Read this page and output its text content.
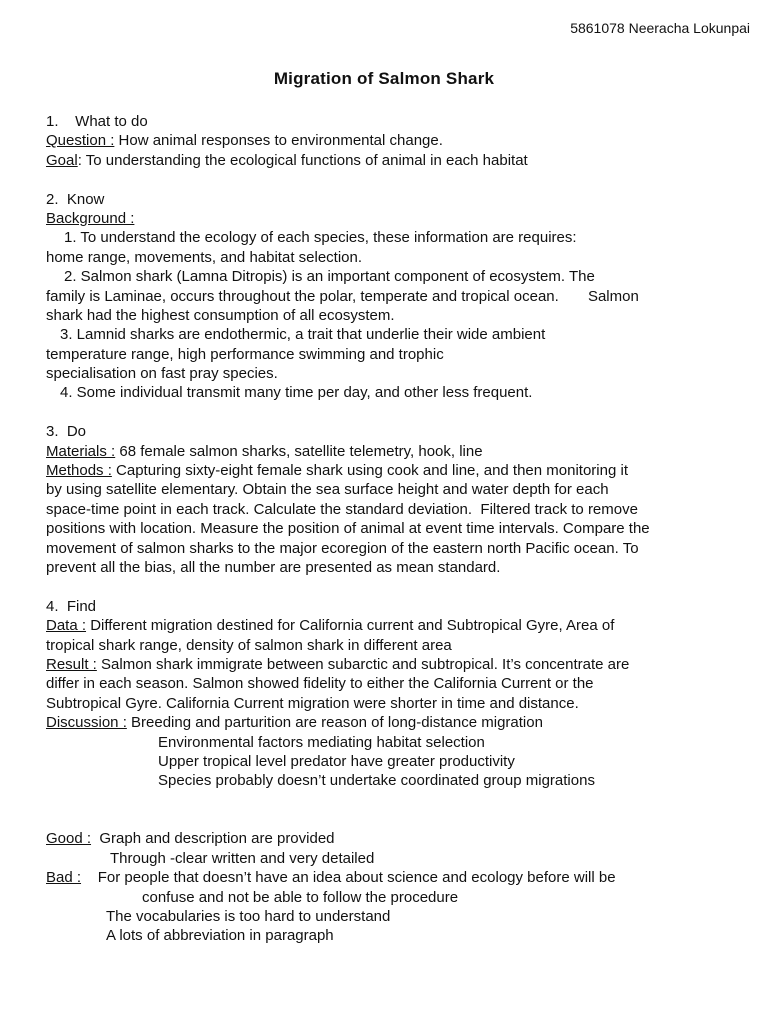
5861078 Neeracha Lokunpai
Migration of Salmon Shark
1.    What to do
Question : How animal responses to environmental change.
Goal: To understanding the ecological functions of animal in each habitat
2.  Know
Background :
1. To understand the ecology of each species, these information are requires:
home range, movements, and habitat selection.
2. Salmon shark (Lamna Ditropis) is an important component of ecosystem. The
family is Laminae, occurs throughout the polar, temperate and tropical ocean.       Salmon
shark had the highest consumption of all ecosystem.
3. Lamnid sharks are endothermic, a trait that underlie their wide ambient
temperature range, high performance swimming and trophic
specialisation on fast pray species.
4. Some individual transmit many time per day, and other less frequent.
3.  Do
Materials : 68 female salmon sharks, satellite telemetry, hook, line
Methods : Capturing sixty-eight female shark using cook and line, and then monitoring it
by using satellite elementary. Obtain the sea surface height and water depth for each
space-time point in each track. Calculate the standard deviation.  Filtered track to remove
positions with location. Measure the position of animal at event time intervals. Compare the
movement of salmon sharks to the major ecoregion of the eastern north Pacific ocean. To
prevent all the bias, all the number are presented as mean standard.
4.  Find
Data : Different migration destined for California current and Subtropical Gyre, Area of
tropical shark range, density of salmon shark in different area
Result : Salmon shark immigrate between subarctic and subtropical. It’s concentrate are
differ in each season. Salmon showed fidelity to either the California Current or the
Subtropical Gyre. California Current migration were shorter in time and distance.
Discussion : Breeding and parturition are reason of long-distance migration
Environmental factors mediating habitat selection
Upper tropical level predator have greater productivity
Species probably doesn’t undertake coordinated group migrations
Good :  Graph and description are provided
Through -clear written and very detailed
Bad :    For people that doesn’t have an idea about science and ecology before will be
confuse and not be able to follow the procedure
The vocabularies is too hard to understand
A lots of abbreviation in paragraph
